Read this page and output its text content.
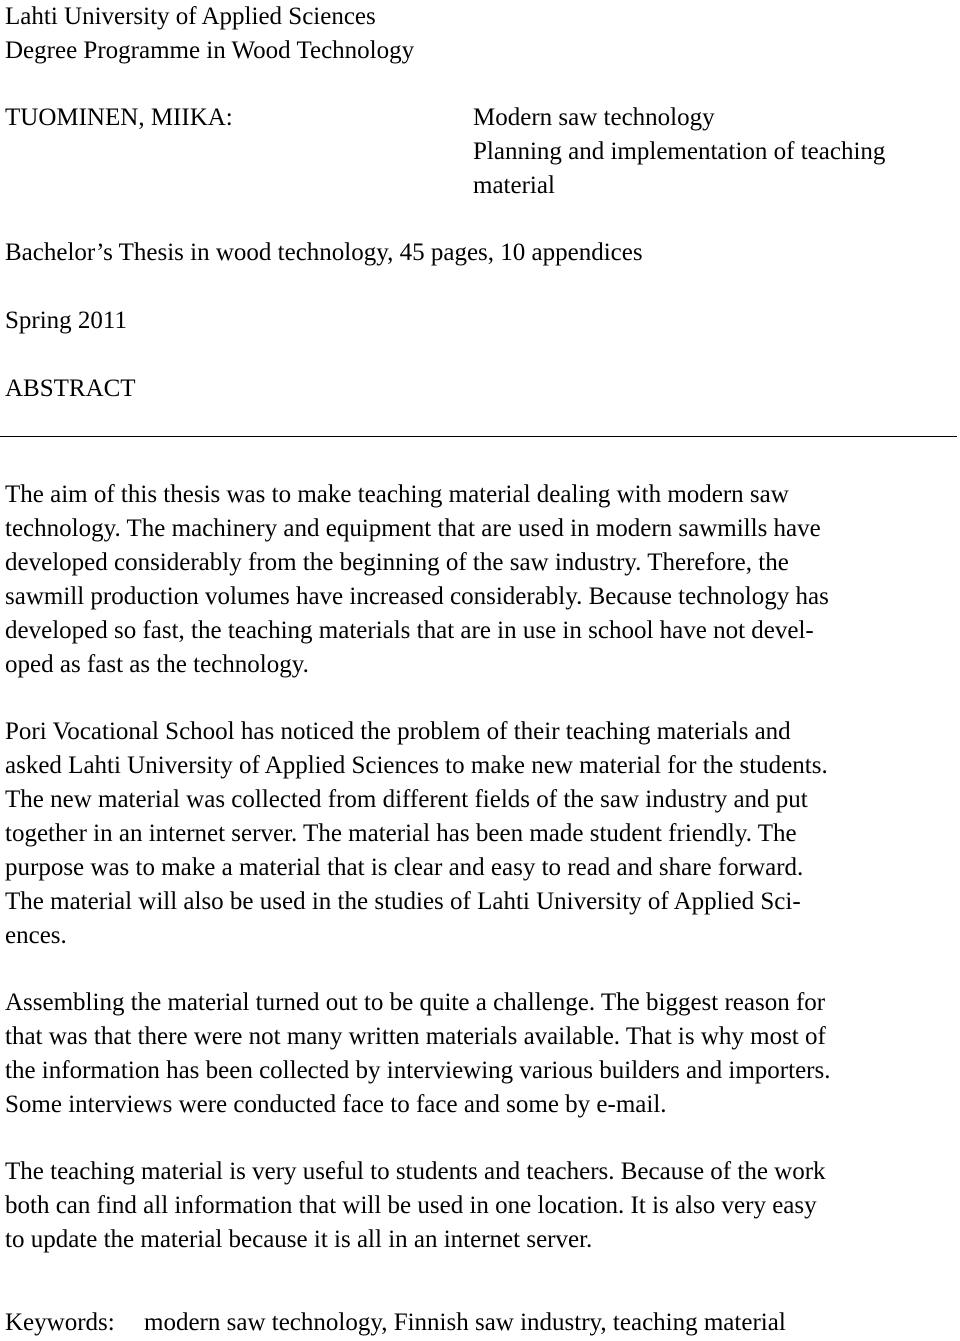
Lahti University of Applied Sciences
Degree Programme in Wood Technology
TUOMINEN, MIIKA:	Modern saw technology
Planning and implementation of teaching
material
Bachelor’s Thesis in wood technology, 45 pages, 10 appendices
Spring 2011
ABSTRACT
The aim of this thesis was to make teaching material dealing with modern saw
technology. The machinery and equipment that are used in modern sawmills have
developed considerably from the beginning of the saw industry. Therefore, the
sawmill production volumes have increased considerably. Because technology has
developed so fast, the teaching materials that are in use in school have not devel-
oped as fast as the technology.
Pori Vocational School has noticed the problem of their teaching materials and
asked Lahti University of Applied Sciences to make new material for the students.
The new material was collected from different fields of the saw industry and put
together in an internet server. The material has been made student friendly. The
purpose was to make a material that is clear and easy to read and share forward.
The material will also be used in the studies of Lahti University of Applied Sci-
ences.
Assembling the material turned out to be quite a challenge. The biggest reason for
that was that there were not many written materials available. That is why most of
the information has been collected by interviewing various builders and importers.
Some interviews were conducted face to face and some by e-mail.
The teaching material is very useful to students and teachers. Because of the work
both can find all information that will be used in one location. It is also very easy
to update the material because it is all in an internet server.
Keywords: modern saw technology, Finnish saw industry, teaching material
